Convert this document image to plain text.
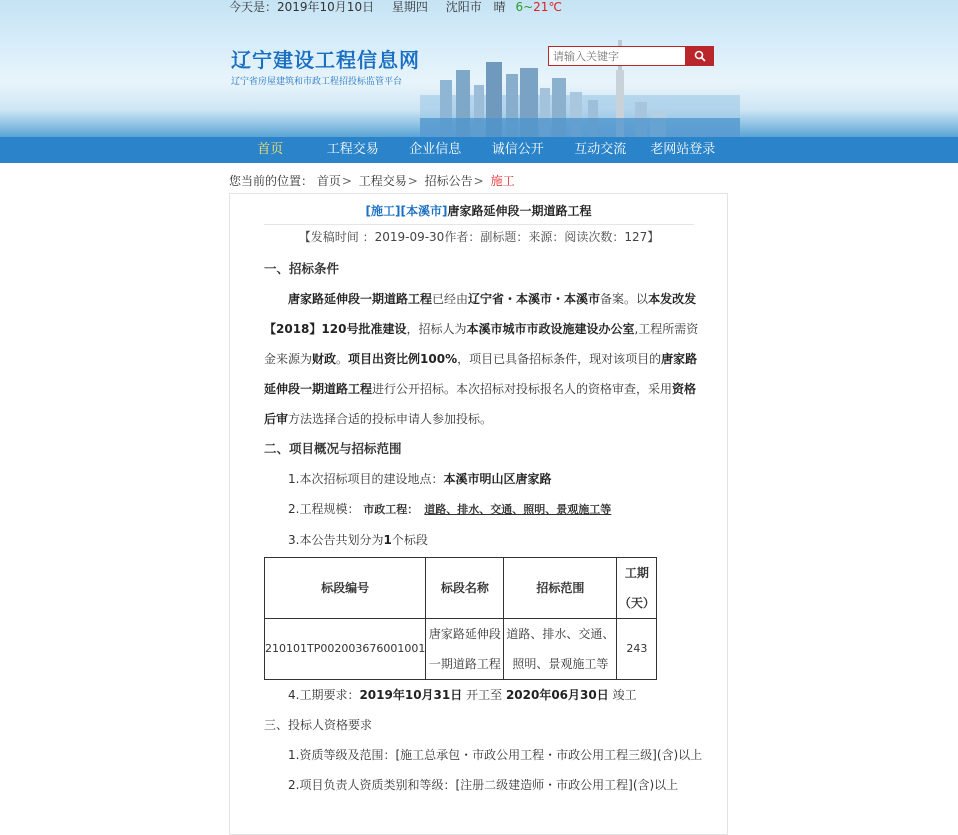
今天是：2019年10月10日 星期四 沈阳市 晴 6~21℃
辽宁建设工程信息网
辽宁省房屋建筑和市政工程招投标监管平台
请输入关键字
首页	工程交易	企业信息	诚信公开	互动交流	老网站登录
您当前的位置： 首页> 工程交易> 招标公告> 施工
[施工][本溪市]唐家路延伸段一期道路工程
【发稿时间 ：2019-09-30作者：副标题：来源：阅读次数：127】
一、招标条件
唐家路延伸段一期道路工程已经由辽宁省・本溪市・本溪市备案。以本发改发【2018】120号批准建设，招标人为本溪市城市市政设施建设办公室,工程所需资金来源为财政。项目出资比例100%，项目已具备招标条件，现对该项目的唐家路延伸段一期道路工程进行公开招标。本次招标对投标报名人的资格审查，采用资格后审方法选择合适的投标申请人参加投标。
二、项目概况与招标范围
1.本次招标项目的建设地点：本溪市明山区唐家路
2.工程规模： 市政工程： 道路、排水、交通、照明、景观施工等
3.本公告共划分为1个标段
标段编号	标段名称	招标范围	工期（天）
210101TP002003676001001	唐家路延伸段一期道路工程	道路、排水、交通、照明、景观施工等	243
4.工期要求：2019年10月31日 开工至 2020年06月30日 竣工
三、投标人资格要求
1.资质等级及范围：[施工总承包・市政公用工程・市政公用工程三级](含)以上
2.项目负责人资质类别和等级：[注册二级建造师・市政公用工程](含)以上
